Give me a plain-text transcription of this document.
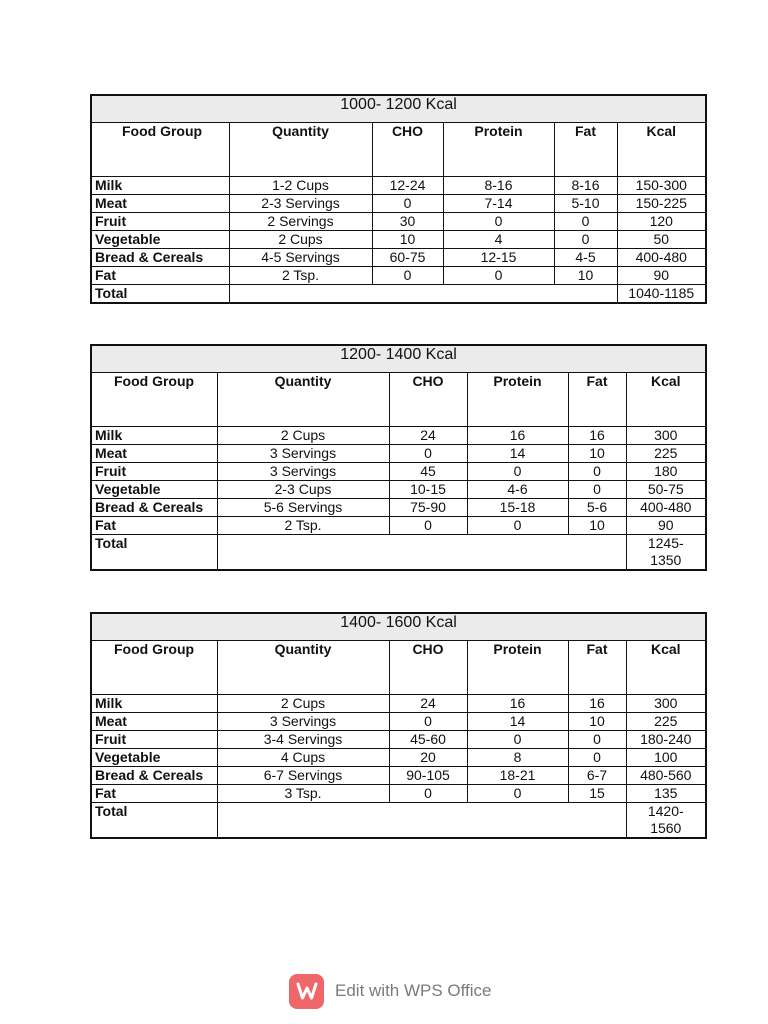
1000- 1200 Kcal					
Food Group	Quantity	CHO	Protein	Fat	Kcal
Milk	1-2 Cups	12-24	8-16	8-16	150-300
Meat	2-3 Servings	0	7-14	5-10	150-225
Fruit	2 Servings	30	0	0	120
Vegetable	2 Cups	10	4	0	50
Bread & Cereals	4-5 Servings	60-75	12-15	4-5	400-480
Fat	2 Tsp.	0	0	10	90
Total					1040-1185
1200- 1400 Kcal					
Food Group	Quantity	CHO	Protein	Fat	Kcal
Milk	2 Cups	24	16	16	300
Meat	3 Servings	0	14	10	225
Fruit	3 Servings	45	0	0	180
Vegetable	2-3 Cups	10-15	4-6	0	50-75
Bread & Cereals	5-6 Servings	75-90	15-18	5-6	400-480
Fat	2 Tsp.	0	0	10	90
Total					1245-
1350
1400- 1600 Kcal					
Food Group	Quantity	CHO	Protein	Fat	Kcal
Milk	2 Cups	24	16	16	300
Meat	3 Servings	0	14	10	225
Fruit	3-4 Servings	45-60	0	0	180-240
Vegetable	4 Cups	20	8	0	100
Bread & Cereals	6-7 Servings	90-105	18-21	6-7	480-560
Fat	3 Tsp.	0	0	15	135
Total					1420-
1560
Edit with WPS Office
